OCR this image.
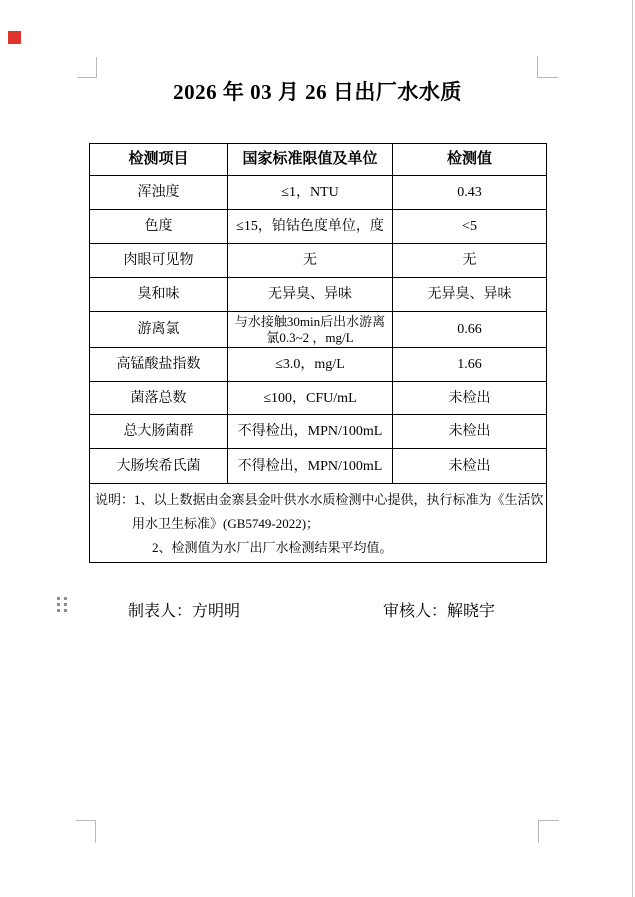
2026 年 03 月 26 日出厂水水质
检测项目	国家标准限值及单位	检测值
浑浊度	≤1，NTU	0.43
色度	≤15，铂钴色度单位，度	<5
肉眼可见物	无	无
臭和味	无异臭、异味	无异臭、异味
游离氯	与水接触30min后出水游离氯0.3~2 ，mg/L	0.66
高锰酸盐指数	≤3.0，mg/L	1.66
菌落总数	≤100，CFU/mL	未检出
总大肠菌群	不得检出，MPN/100mL	未检出
大肠埃希氏菌	不得检出，MPN/100mL	未检出

说明：1、以上数据由金寨县金叶供水水质检测中心提供，执行标准为《生活饮
用水卫生标准》(GB5749-2022)；
2、检测值为水厂出厂水检测结果平均值。		
制表人：方明明	审核人：解晓宇
